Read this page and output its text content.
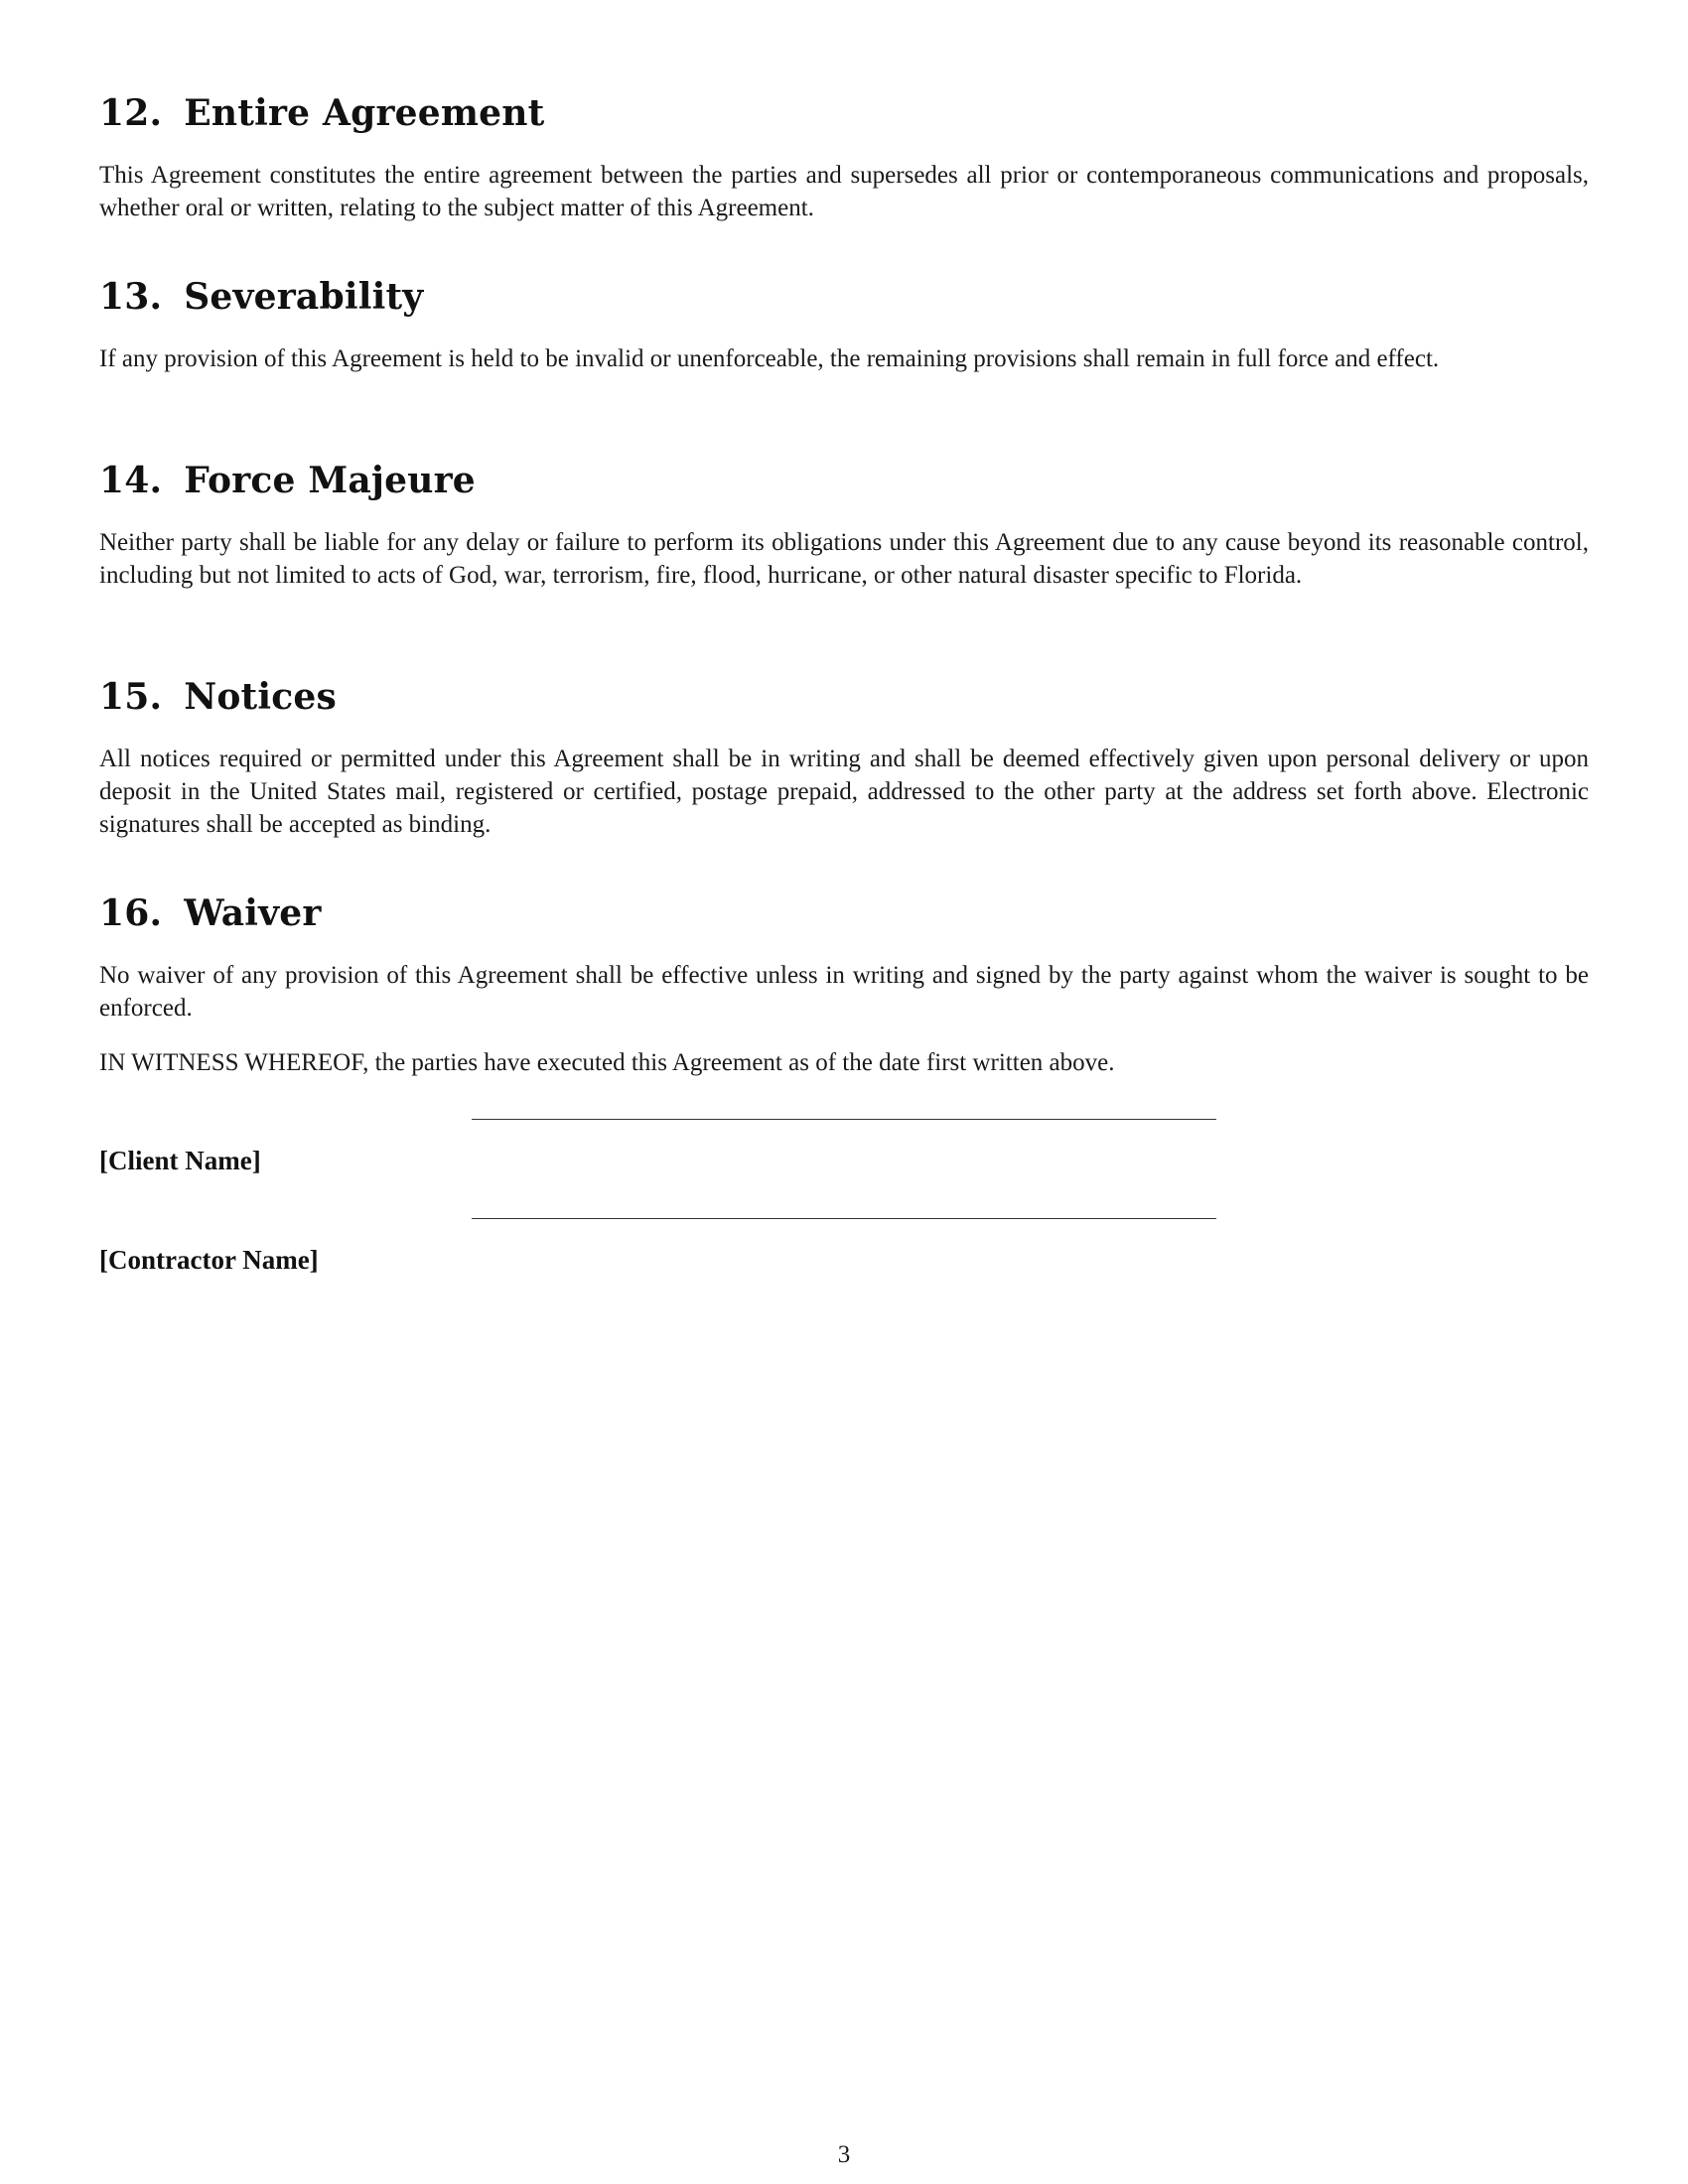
12. Entire Agreement

This Agreement constitutes the entire agreement between the parties and supersedes all prior or contemporaneous communications and proposals, whether oral or written, relating to the subject matter of this Agreement.

13. Severability

If any provision of this Agreement is held to be invalid or unenforceable, the remaining provisions shall remain in full force and effect.

14. Force Majeure

Neither party shall be liable for any delay or failure to perform its obligations under this Agreement due to any cause beyond its reasonable control, including but not limited to acts of God, war, terrorism, fire, flood, hurricane, or other natural disaster specific to Florida.

15. Notices

All notices required or permitted under this Agreement shall be in writing and shall be deemed effectively given upon personal delivery or upon deposit in the United States mail, registered or certified, postage prepaid, addressed to the other party at the address set forth above. Electronic signatures shall be accepted as binding.

16. Waiver

No waiver of any provision of this Agreement shall be effective unless in writing and signed by the party against whom the waiver is sought to be enforced.

IN WITNESS WHEREOF, the parties have executed this Agreement as of the date first written above.

[Client Name]
[Contractor Name]
3
